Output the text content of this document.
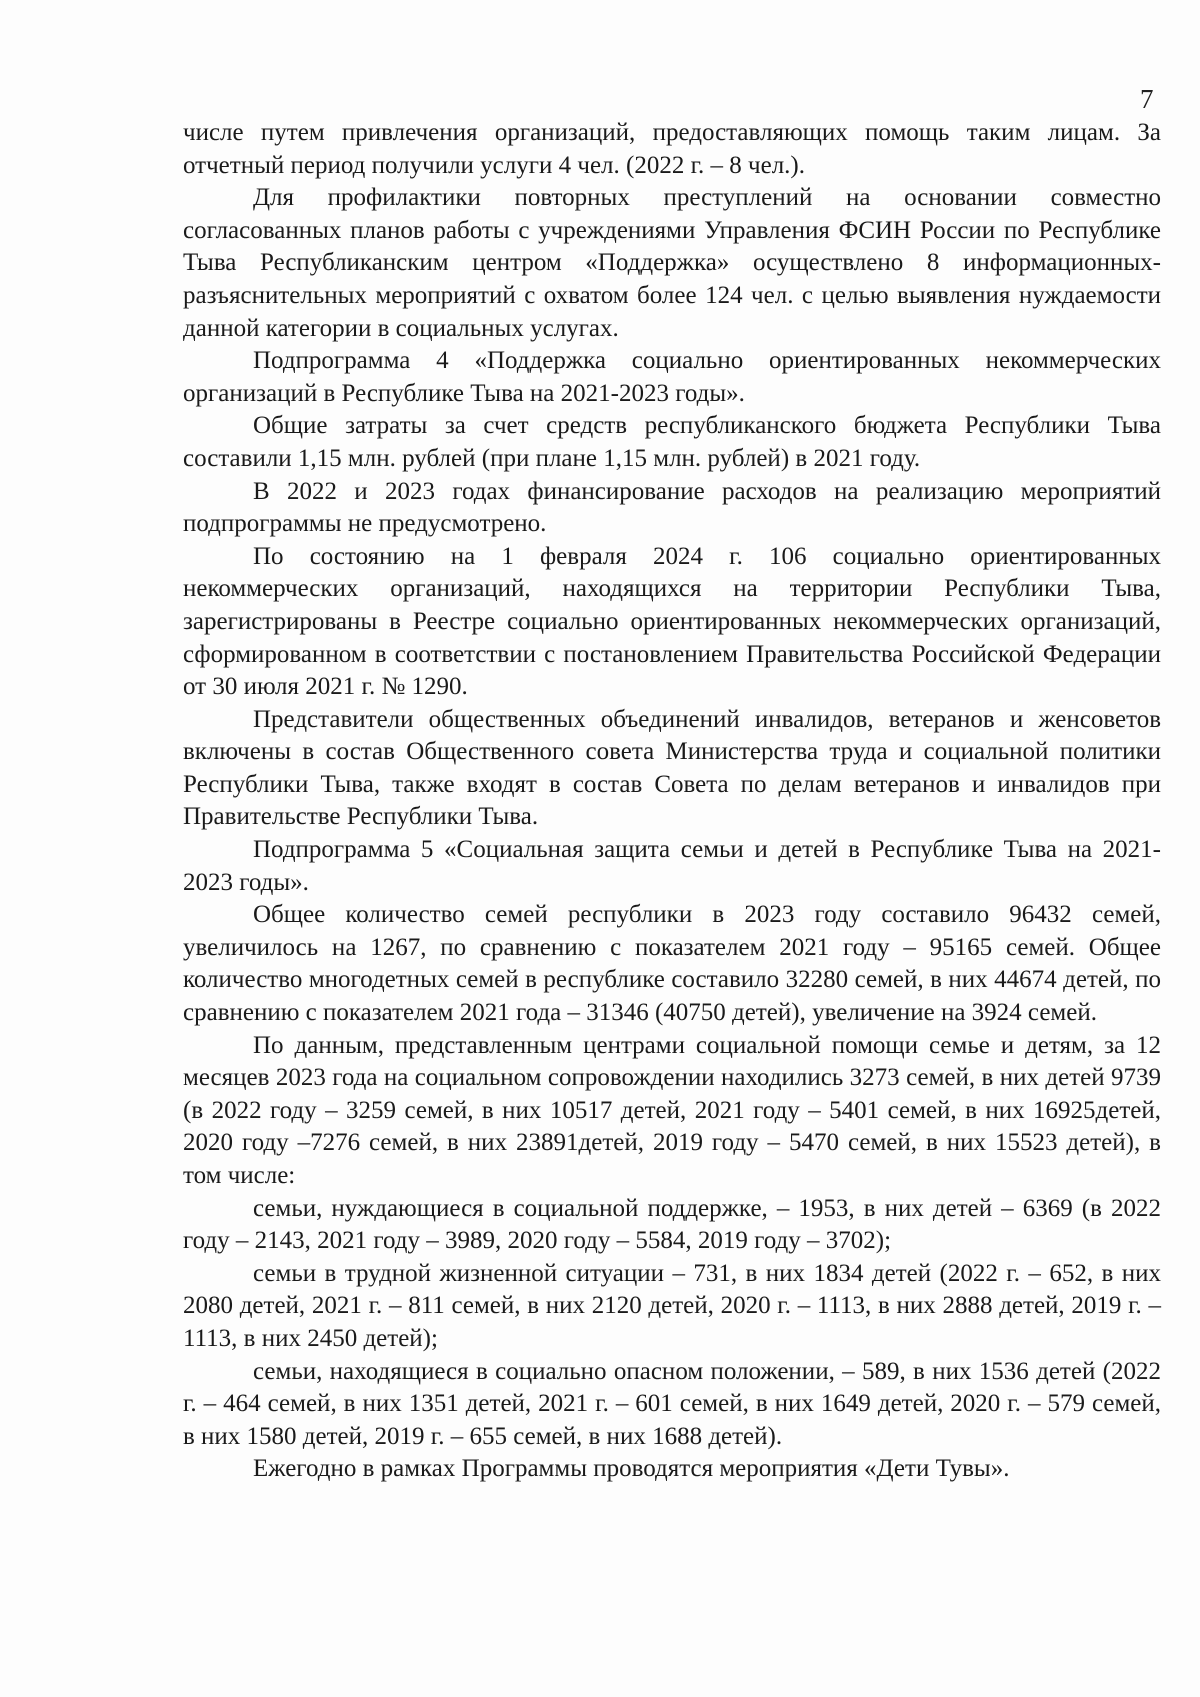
7

числе путем привлечения организаций, предоставляющих помощь таким лицам. За отчетный период получили услуги 4 чел. (2022 г. – 8 чел.).

Для профилактики повторных преступлений на основании совместно согласованных планов работы с учреждениями Управления ФСИН России по Республике Тыва Республиканским центром «Поддержка» осуществлено 8 информационных-разъяснительных мероприятий с охватом более 124 чел. с целью выявления нуждаемости данной категории в социальных услугах.

Подпрограмма 4 «Поддержка социально ориентированных некоммерческих организаций в Республике Тыва на 2021-2023 годы».

Общие затраты за счет средств республиканского бюджета Республики Тыва составили 1,15 млн. рублей (при плане 1,15 млн. рублей) в 2021 году.

В 2022 и 2023 годах финансирование расходов на реализацию мероприятий подпрограммы не предусмотрено.

По состоянию на 1 февраля 2024 г. 106 социально ориентированных некоммерческих организаций, находящихся на территории Республики Тыва, зарегистрированы в Реестре социально ориентированных некоммерческих организаций, сформированном в соответствии с постановлением Правительства Российской Федерации от 30 июля 2021 г. № 1290.

Представители общественных объединений инвалидов, ветеранов и женсоветов включены в состав Общественного совета Министерства труда и социальной политики Республики Тыва, также входят в состав Совета по делам ветеранов и инвалидов при Правительстве Республики Тыва.

Подпрограмма 5 «Социальная защита семьи и детей в Республике Тыва на 2021-2023 годы».

Общее количество семей республики в 2023 году составило 96432 семей, увеличилось на 1267, по сравнению с показателем 2021 году – 95165 семей. Общее количество многодетных семей в республике составило 32280 семей, в них 44674 детей, по сравнению с показателем 2021 года – 31346 (40750 детей), увеличение на 3924 семей.

По данным, представленным центрами социальной помощи семье и детям, за 12 месяцев 2023 года на социальном сопровождении находились 3273 семей, в них детей 9739 (в 2022 году – 3259 семей, в них 10517 детей, 2021 году – 5401 семей, в них 16925детей, 2020 году –7276 семей, в них 23891детей, 2019 году – 5470 семей, в них 15523 детей), в том числе:

семьи, нуждающиеся в социальной поддержке, – 1953, в них детей – 6369 (в 2022 году – 2143, 2021 году – 3989, 2020 году – 5584, 2019 году – 3702);

семьи в трудной жизненной ситуации – 731, в них 1834 детей (2022 г. – 652, в них 2080 детей, 2021 г. – 811 семей, в них 2120 детей, 2020 г. – 1113, в них 2888 детей, 2019 г. –1113, в них 2450 детей);

семьи, находящиеся в социально опасном положении, – 589, в них 1536 детей (2022 г. – 464 семей, в них 1351 детей, 2021 г. – 601 семей, в них 1649 детей, 2020 г. – 579 семей, в них 1580 детей, 2019 г. – 655 семей, в них 1688 детей).

Ежегодно в рамках Программы проводятся мероприятия «Дети Тувы».
